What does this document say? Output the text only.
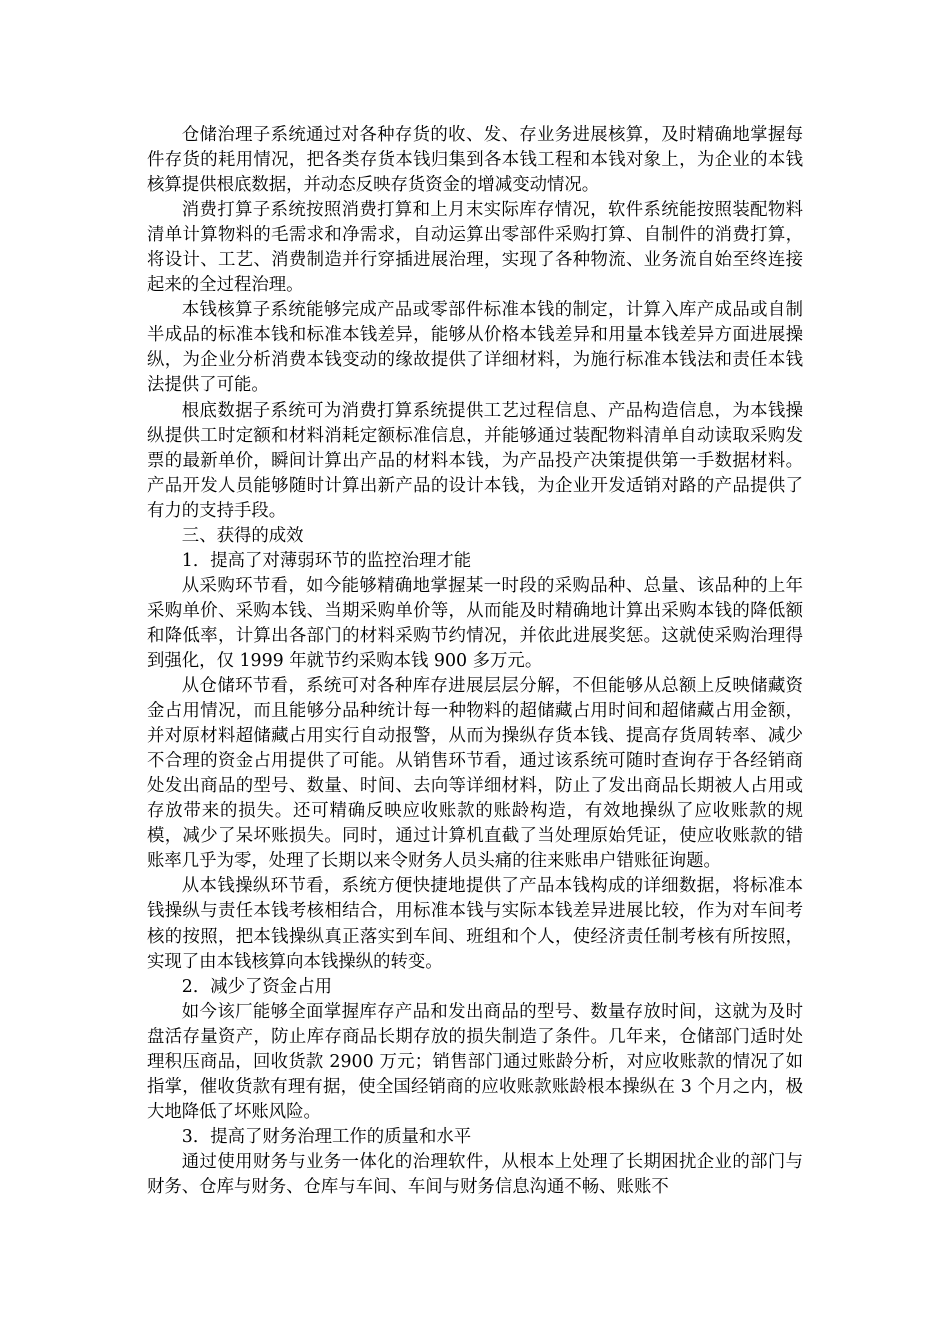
仓储治理子系统通过对各种存货的收、发、存业务进展核算，及时精确地掌握每件存货的耗用情况，把各类存货本钱归集到各本钱工程和本钱对象上，为企业的本钱核算提供根底数据，并动态反映存货资金的增减变动情况。

消费打算子系统按照消费打算和上月末实际库存情况，软件系统能按照装配物料清单计算物料的毛需求和净需求，自动运算出零部件采购打算、自制件的消费打算，将设计、工艺、消费制造并行穿插进展治理，实现了各种物流、业务流自始至终连接起来的全过程治理。

本钱核算子系统能够完成产品或零部件标准本钱的制定，计算入库产成品或自制半成品的标准本钱和标准本钱差异，能够从价格本钱差异和用量本钱差异方面进展操纵，为企业分析消费本钱变动的缘故提供了详细材料，为施行标准本钱法和责任本钱法提供了可能。

根底数据子系统可为消费打算系统提供工艺过程信息、产品构造信息，为本钱操纵提供工时定额和材料消耗定额标准信息，并能够通过装配物料清单自动读取采购发票的最新单价，瞬间计算出产品的材料本钱，为产品投产决策提供第一手数据材料。产品开发人员能够随时计算出新产品的设计本钱，为企业开发适销对路的产品提供了有力的支持手段。

三、获得的成效

1．提高了对薄弱环节的监控治理才能

从采购环节看，如今能够精确地掌握某一时段的采购品种、总量、该品种的上年采购单价、采购本钱、当期采购单价等，从而能及时精确地计算出采购本钱的降低额和降低率，计算出各部门的材料采购节约情况，并依此进展奖惩。这就使采购治理得到强化，仅 1999 年就节约采购本钱 900 多万元。

从仓储环节看，系统可对各种库存进展层层分解，不但能够从总额上反映储藏资金占用情况，而且能够分品种统计每一种物料的超储藏占用时间和超储藏占用金额，并对原材料超储藏占用实行自动报警，从而为操纵存货本钱、提高存货周转率、减少不合理的资金占用提供了可能。从销售环节看，通过该系统可随时查询存于各经销商处发出商品的型号、数量、时间、去向等详细材料，防止了发出商品长期被人占用或存放带来的损失。还可精确反映应收账款的账龄构造，有效地操纵了应收账款的规模，减少了呆坏账损失。同时，通过计算机直截了当处理原始凭证，使应收账款的错账率几乎为零，处理了长期以来令财务人员头痛的往来账串户错账征询题。

从本钱操纵环节看，系统方便快捷地提供了产品本钱构成的详细数据，将标准本钱操纵与责任本钱考核相结合，用标准本钱与实际本钱差异进展比较，作为对车间考核的按照，把本钱操纵真正落实到车间、班组和个人，使经济责任制考核有所按照，实现了由本钱核算向本钱操纵的转变。

2．减少了资金占用

如今该厂能够全面掌握库存产品和发出商品的型号、数量存放时间，这就为及时盘活存量资产，防止库存商品长期存放的损失制造了条件。几年来，仓储部门适时处理积压商品，回收货款 2900 万元；销售部门通过账龄分析，对应收账款的情况了如指掌，催收货款有理有据，使全国经销商的应收账款账龄根本操纵在 3 个月之内，极大地降低了坏账风险。

3．提高了财务治理工作的质量和水平

通过使用财务与业务一体化的治理软件，从根本上处理了长期困扰企业的部门与财务、仓库与财务、仓库与车间、车间与财务信息沟通不畅、账账不
